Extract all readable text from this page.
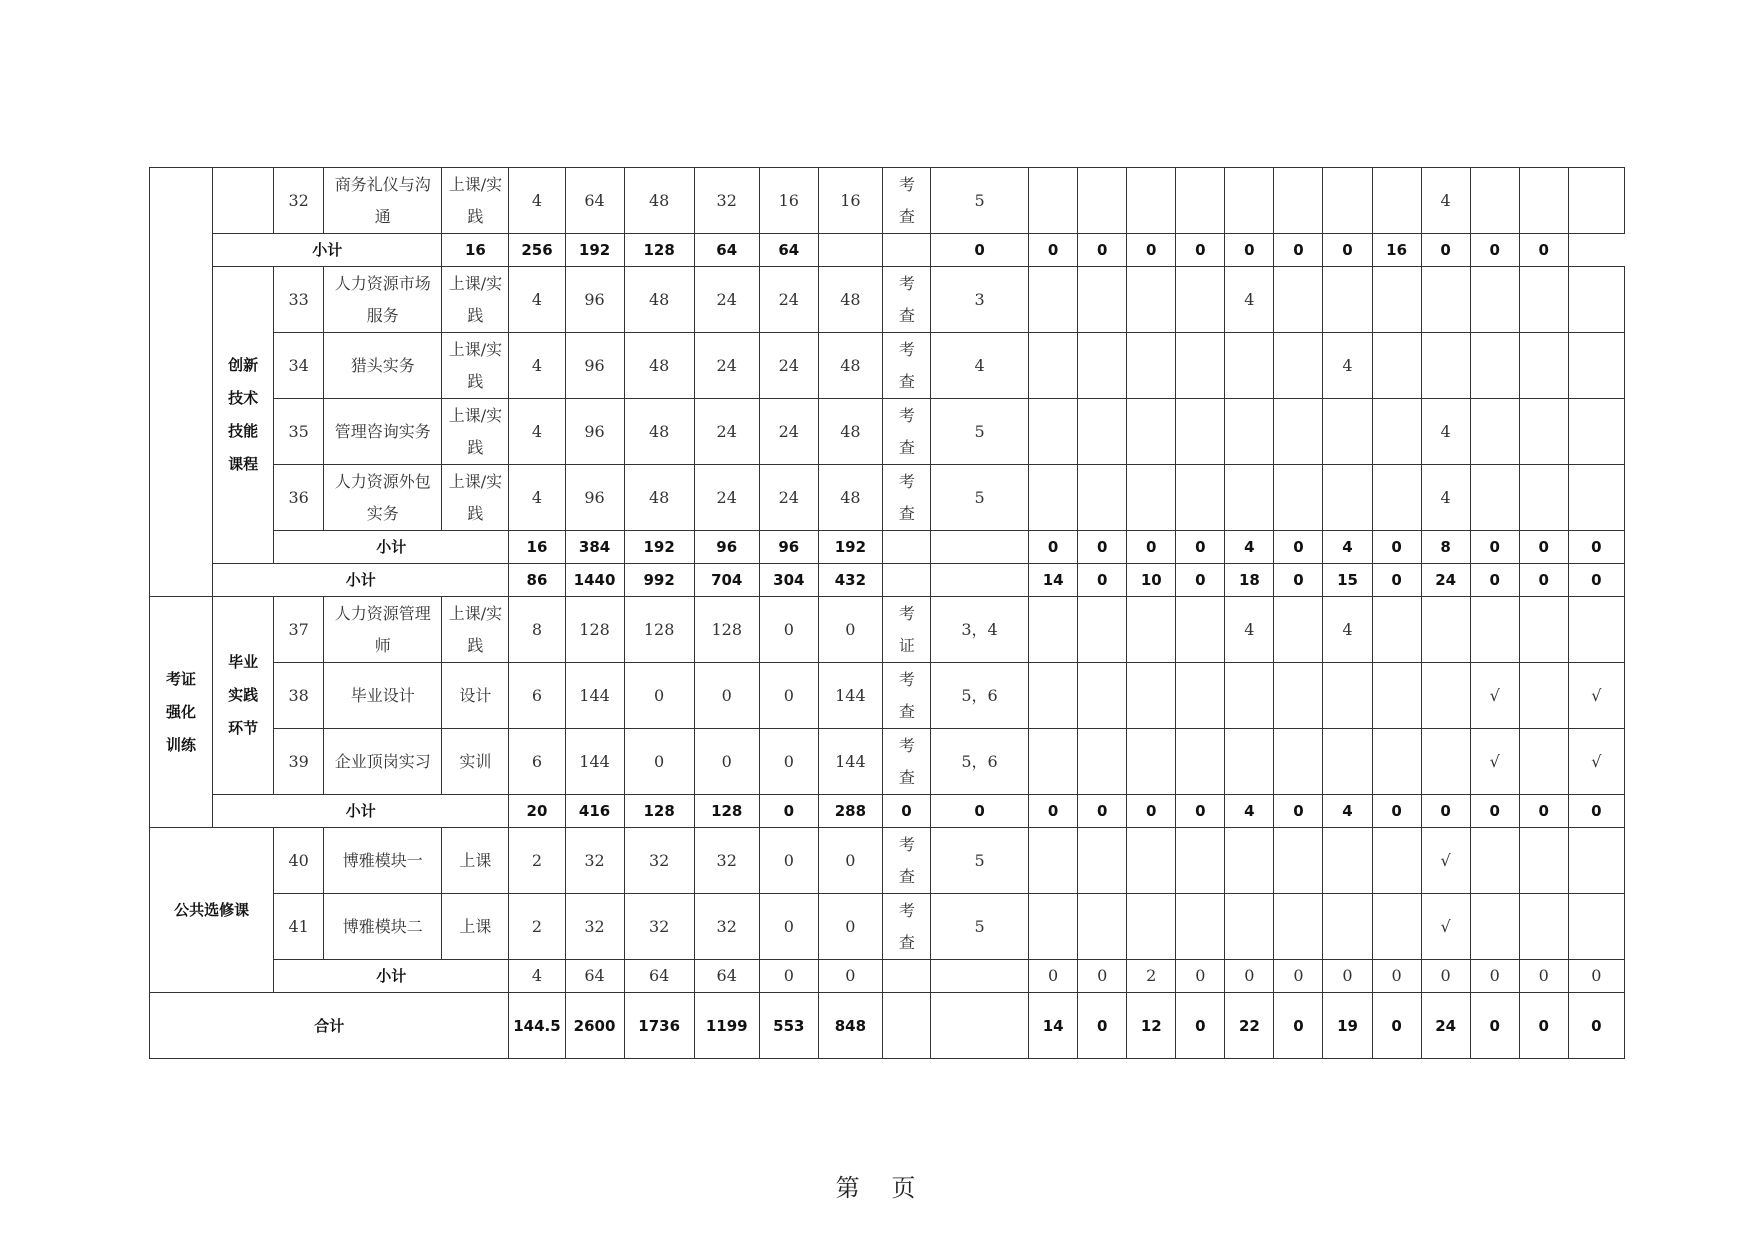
		32	商务礼仪与沟通	上课/实践	4	64	48	32	16	16	考查	5									4			
	小计			16	256	192	128	64	64			0	0	0	0	0	0	0	0	16	0	0	0	
	创新技术技能课程	33	人力资源市场服务	上课/实践	4	96	48	24	24	48	考查	3					4							
		34	猎头实务	上课/实践	4	96	48	24	24	48	考查	4							4					
		35	管理咨询实务	上课/实践	4	96	48	24	24	48	考查	5									4			
		36	人力资源外包实务	上课/实践	4	96	48	24	24	48	考查	5									4			
		小计			16	384	192	96	96	192			0	0	0	0	4	0	4	0	8	0	0	0
	小计				86	1440	992	704	304	432			14	0	10	0	18	0	15	0	24	0	0	0
考证强化训练	毕业实践环节	37	人力资源管理师	上课/实践	8	128	128	128	0	0	考证	3，4					4		4					
		38	毕业设计	设计	6	144	0	0	0	144	考查	5，6										√		√
		39	企业顶岗实习	实训	6	144	0	0	0	144	考查	5，6										√		√
	小计				20	416	128	128	0	288	0	0	0	0	0	0	4	0	4	0	0	0	0	0
公共选修课		40	博雅模块一	上课	2	32	32	32	0	0	考查	5									√			
		41	博雅模块二	上课	2	32	32	32	0	0	考查	5									√			
		小计			4	64	64	64	0	0			0	0	2	0	0	0	0	0	0	0	0	0
合计					144.5	2600	1736	1199	553	848			14	0	12	0	22	0	19	0	24	0	0	0
第 页
